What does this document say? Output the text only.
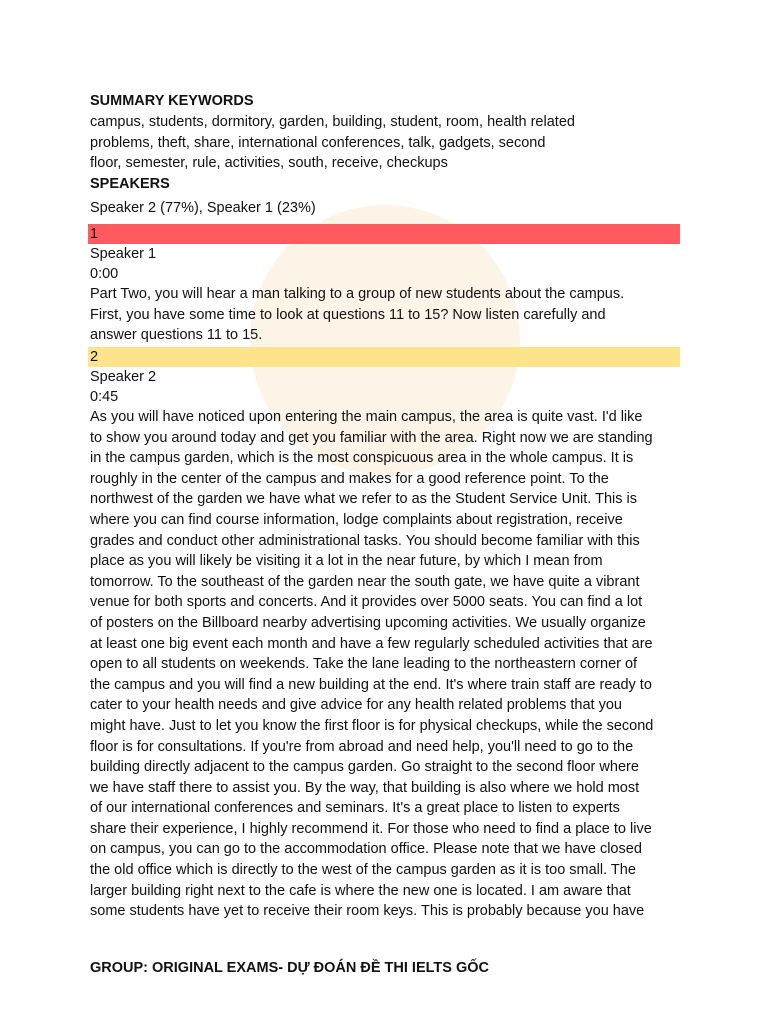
SUMMARY KEYWORDS
campus, students, dormitory, garden, building, student, room, health related
problems, theft, share, international conferences, talk, gadgets, second
floor, semester, rule, activities, south, receive, checkups
SPEAKERS
Speaker 2 (77%), Speaker 1 (23%)
1
Speaker 1
0:00
Part Two, you will hear a man talking to a group of new students about the campus.
First, you have some time to look at questions 11 to 15? Now listen carefully and
answer questions 11 to 15.
2
Speaker 2
0:45
As you will have noticed upon entering the main campus, the area is quite vast. I'd like
to show you around today and get you familiar with the area. Right now we are standing
in the campus garden, which is the most conspicuous area in the whole campus. It is
roughly in the center of the campus and makes for a good reference point. To the
northwest of the garden we have what we refer to as the Student Service Unit. This is
where you can find course information, lodge complaints about registration, receive
grades and conduct other administrational tasks. You should become familiar with this
place as you will likely be visiting it a lot in the near future, by which I mean from
tomorrow. To the southeast of the garden near the south gate, we have quite a vibrant
venue for both sports and concerts. And it provides over 5000 seats. You can find a lot
of posters on the Billboard nearby advertising upcoming activities. We usually organize
at least one big event each month and have a few regularly scheduled activities that are
open to all students on weekends. Take the lane leading to the northeastern corner of
the campus and you will find a new building at the end. It's where train staff are ready to
cater to your health needs and give advice for any health related problems that you
might have. Just to let you know the first floor is for physical checkups, while the second
floor is for consultations. If you're from abroad and need help, you'll need to go to the
building directly adjacent to the campus garden. Go straight to the second floor where
we have staff there to assist you. By the way, that building is also where we hold most
of our international conferences and seminars. It's a great place to listen to experts
share their experience, I highly recommend it. For those who need to find a place to live
on campus, you can go to the accommodation office. Please note that we have closed
the old office which is directly to the west of the campus garden as it is too small. The
larger building right next to the cafe is where the new one is located. I am aware that
some students have yet to receive their room keys. This is probably because you have
GROUP: ORIGINAL EXAMS- DỰ ĐOÁN ĐỀ THI IELTS GỐC
